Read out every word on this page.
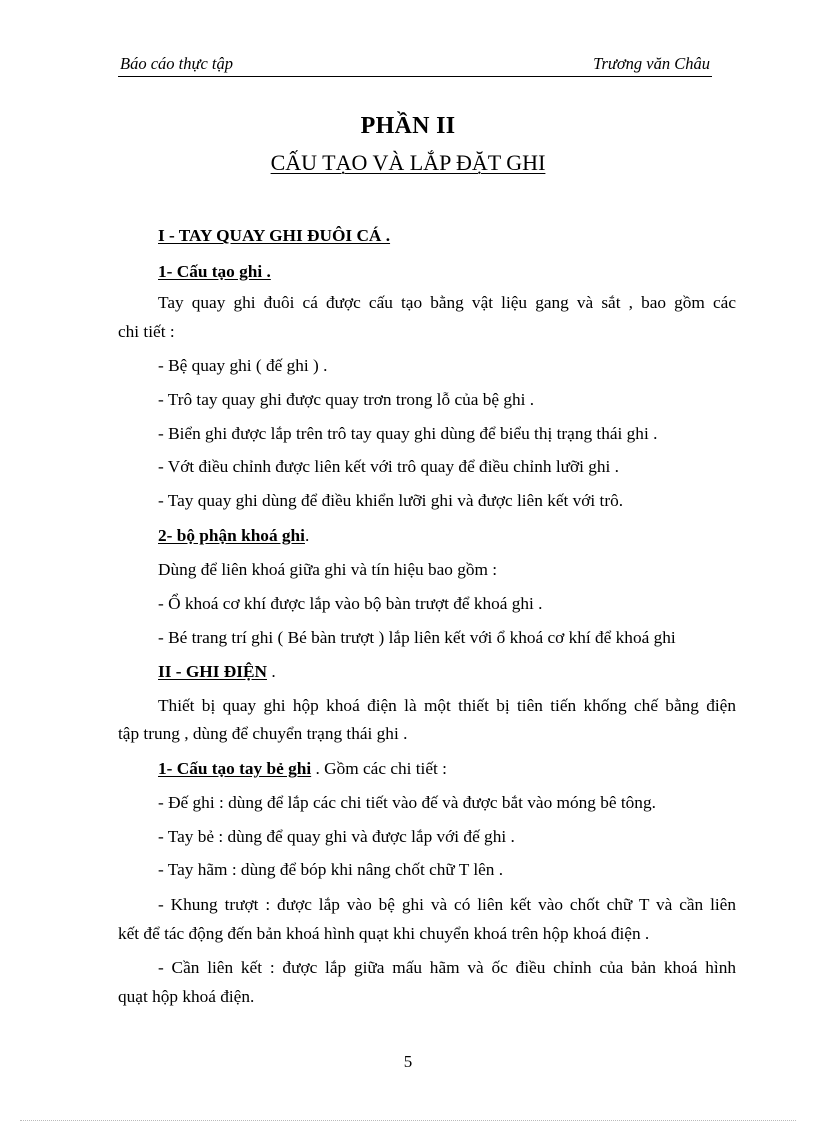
Báo cáo thực tập	Trương văn Châu
PHẦN II
CẤU TẠO VÀ LẮP ĐẶT GHI
I - TAY QUAY GHI ĐUÔI CÁ .
1- Cấu tạo ghi .
Tay quay ghi đuôi cá được cấu tạo bằng vật liệu gang và sắt , bao gồm các
chi tiết :
- Bệ quay ghi ( đế ghi ) .
- Trô tay quay ghi được quay trơn trong lỗ của bệ ghi .
- Biển ghi được lắp trên trô tay quay ghi dùng để biểu thị trạng thái ghi .
- Vớt điều chỉnh được liên kết với trô quay để điều chỉnh lưỡi ghi .
- Tay quay ghi dùng để điều khiển lưỡi ghi và được liên kết với trô.
2- bộ phận khoá ghi.
Dùng để liên khoá giữa ghi và tín hiệu bao gồm :
- Ổ khoá cơ khí được lắp vào bộ bàn trượt để khoá ghi .
- Bé trang trí ghi ( Bé bàn trượt ) lắp liên kết với ổ khoá cơ khí để khoá ghi
II - GHI ĐIỆN .
Thiết bị quay ghi hộp khoá điện là một thiết bị tiên tiến khống chế bằng điện
tập trung , dùng để chuyển trạng thái ghi .
1- Cấu tạo tay bẻ ghi . Gồm các chi tiết :
- Đế ghi : dùng để lắp các chi tiết vào đế và được bắt vào móng bê tông.
- Tay bẻ : dùng để quay ghi và được lắp với đế ghi .
- Tay hãm : dùng để bóp khi nâng chốt chữ T lên .
- Khung trượt : được lắp vào bệ ghi và có liên kết vào chốt chữ T và cần liên
kết để tác động đến bản khoá hình quạt khi chuyển khoá trên hộp khoá điện .
- Cần liên kết : được lắp giữa mấu hãm và ốc điều chỉnh của bản khoá hình
quạt hộp khoá điện.
5
